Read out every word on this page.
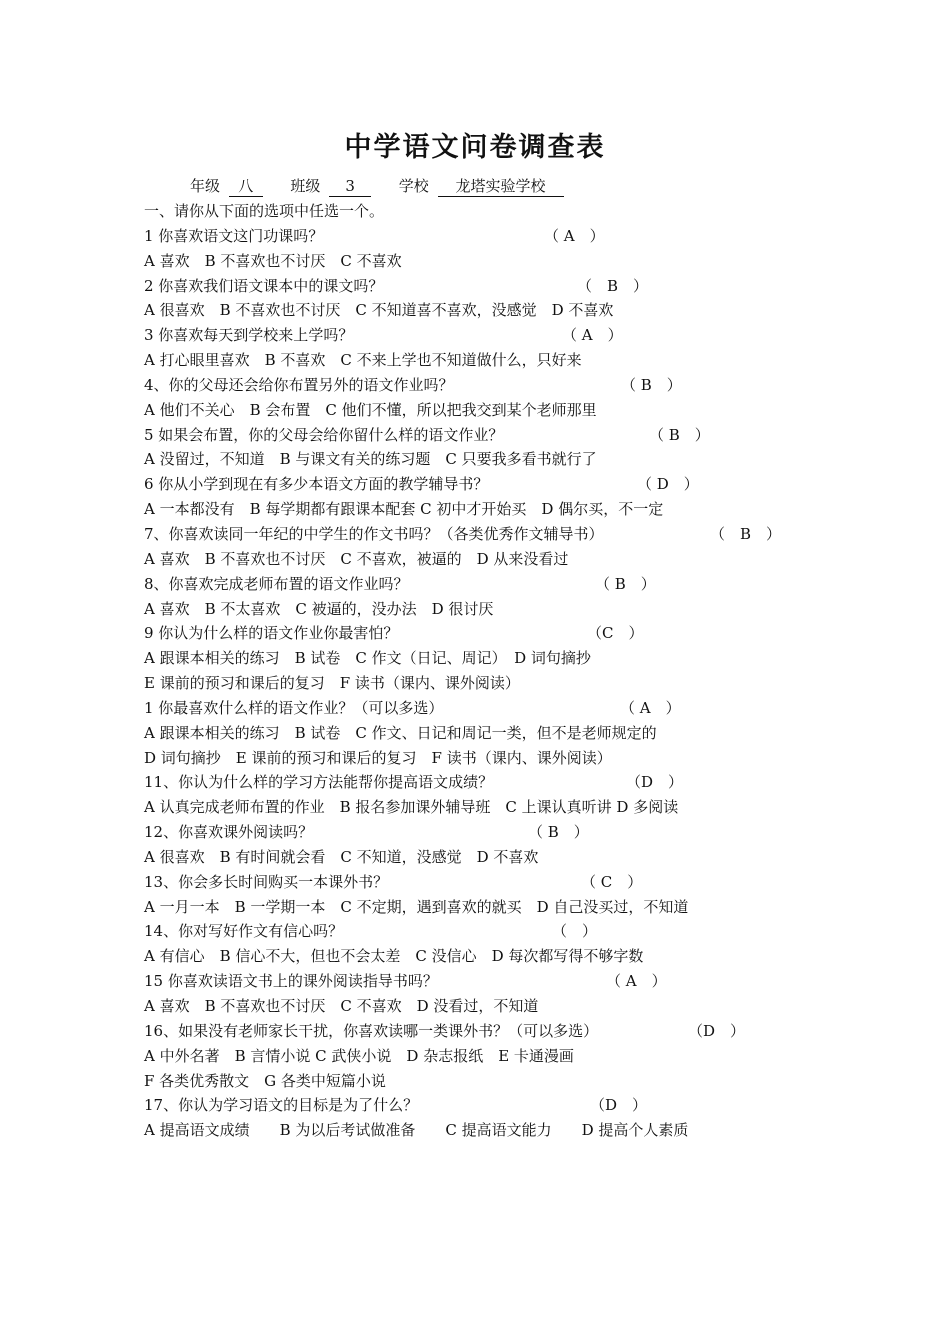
中学语文问卷调查表
年级 八 班级 3	学校 龙塔实验学校
一、请你从下面的选项中任选一个。
1 你喜欢语文这门功课吗？	（ A　）
A 喜欢　B 不喜欢也不讨厌　C 不喜欢
2 你喜欢我们语文课本中的课文吗？	（　B　）
A 很喜欢　B 不喜欢也不讨厌　C 不知道喜不喜欢，没感觉　D 不喜欢
3 你喜欢每天到学校来上学吗？	（ A　）
A 打心眼里喜欢　B 不喜欢　C 不来上学也不知道做什么，只好来
4、你的父母还会给你布置另外的语文作业吗？	（ B　）
A 他们不关心　B 会布置　C 他们不懂，所以把我交到某个老师那里
5 如果会布置，你的父母会给你留什么样的语文作业？	（ B　）
A 没留过，不知道　B 与课文有关的练习题　C 只要我多看书就行了
6 你从小学到现在有多少本语文方面的教学辅导书？	（ D　）
A 一本都没有　B 每学期都有跟课本配套 C 初中才开始买　D 偶尔买，不一定
7、你喜欢读同一年纪的中学生的作文书吗？（各类优秀作文辅导书）	（　B　）
A 喜欢　B 不喜欢也不讨厌　C 不喜欢，被逼的　D 从来没看过
8、你喜欢完成老师布置的语文作业吗？	（ B　）
A 喜欢　B 不太喜欢　C 被逼的，没办法　D 很讨厌
9 你认为什么样的语文作业你最害怕？	（C　）
A 跟课本相关的练习　B 试卷　C 作文（日记、周记）　D 词句摘抄
E 课前的预习和课后的复习　F 读书（课内、课外阅读）
1 你最喜欢什么样的语文作业？（可以多选）	（ A　）
A 跟课本相关的练习　B 试卷　C 作文、日记和周记一类，但不是老师规定的
D 词句摘抄　E 课前的预习和课后的复习　F 读书（课内、课外阅读）
11、你认为什么样的学习方法能帮你提高语文成绩？	（D　）
A 认真完成老师布置的作业　B 报名参加课外辅导班　C 上课认真听讲 D 多阅读
12、你喜欢课外阅读吗？	（ B　）
A 很喜欢　B 有时间就会看　C 不知道，没感觉　D 不喜欢
13、你会多长时间购买一本课外书？	（ C　）
A 一月一本　B 一学期一本　C 不定期，遇到喜欢的就买　D 自己没买过，不知道
14、你对写好作文有信心吗？	（　）
A 有信心　B 信心不大，但也不会太差　C 没信心　D 每次都写得不够字数
15 你喜欢读语文书上的课外阅读指导书吗？	（ A　）
A 喜欢　B 不喜欢也不讨厌　C 不喜欢　D 没看过，不知道
16、如果没有老师家长干扰，你喜欢读哪一类课外书？（可以多选）	（D　）
A 中外名著　B 言情小说 C 武侠小说　D 杂志报纸　E 卡通漫画
F 各类优秀散文　G 各类中短篇小说
17、你认为学习语文的目标是为了什么？	（D　）
A 提高语文成绩　　B 为以后考试做准备　　C 提高语文能力　　D 提高个人素质
